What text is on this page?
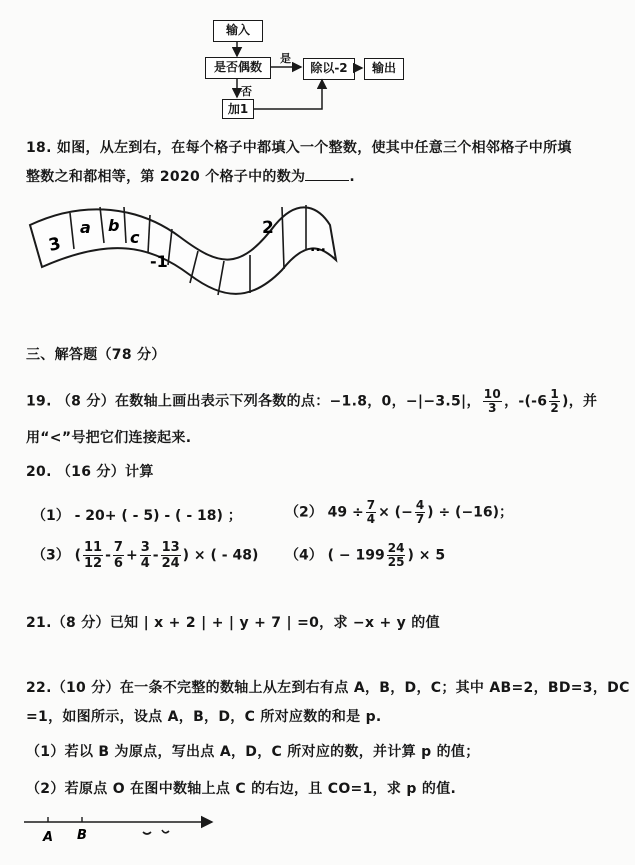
输入
是否偶数	除以-2	输出
加1
是
否
18. 如图，从左到右，在每个格子中都填入一个整数，使其中任意三个相邻格子中所填
整数之和都相等，第 2020 个格子中的数为	.
3
a b
c
-1
2
...
三、解答题（78 分）
19. （8 分）在数轴上画出表示下列各数的点：−1.8，0，−|−3.5|， $\frac{10}{3}$ ，$-(-6 \frac{1}{2}$ )，并
用“<”号把它们连接起来.
20. （16 分）计算
（1） - 20+ ( - 5) - ( - 18) ；	（2） $49 \div \frac{7}{4}$ × (− $\frac{4}{7}$ ) ÷ (−16)；
（3） ( $\frac{11}{12} - \frac{7}{6} + \frac{3}{4} - \frac{13}{24}$ ) × ( - 48) （4） ( − $199 \frac{24}{25}$ ) × 5
21.（8 分）已知 | x + 2 | + | y + 7 | =0，求 −x + y 的值
22.（10 分）在一条不完整的数轴上从左到右有点 A，B，D，C；其中 AB=2，BD=3，DC
=1，如图所示，设点 A，B，D，C 所对应数的和是 p.
（1）若以 B 为原点，写出点 A，D，C 所对应的数，并计算 p 的值；
（2）若原点 O 在图中数轴上点 C 的右边，且 CO=1，求 p 的值.
A B
